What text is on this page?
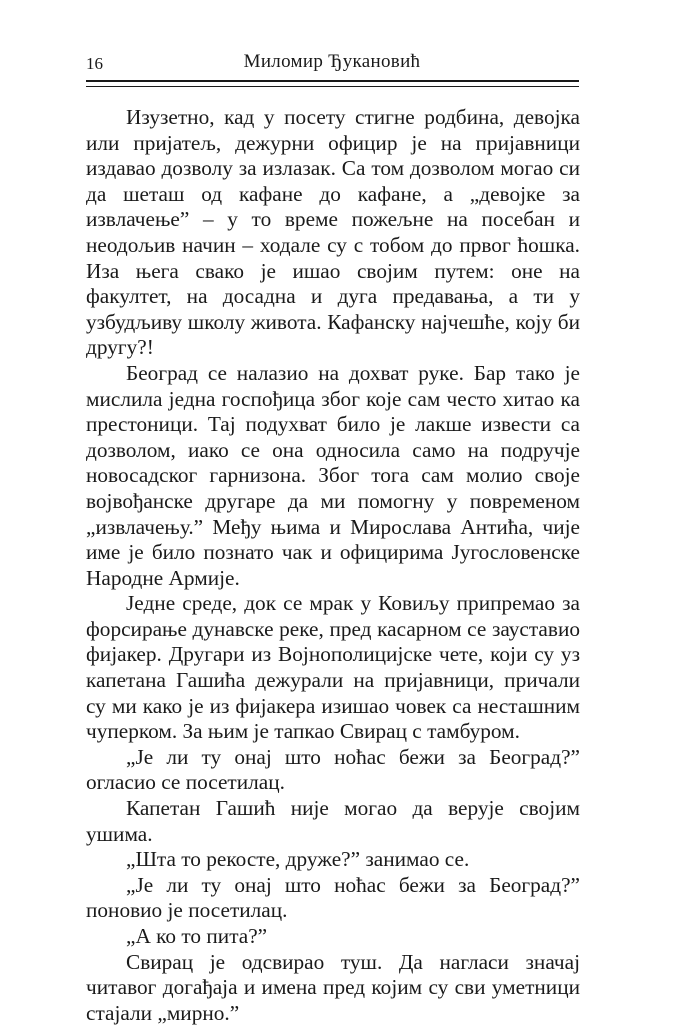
16	Миломир Ђукановић

Изузетно, кад у посету стигне родбина, девојка или пријатељ, дежурни официр је на пријавници издавао дозволу за излазак. Са том дозволом могао си да шеташ од кафане до кафане, а „девојке за извлачење” – у то време пожељне на посебан и неодољив начин – ходале су с тобом до првог ћошка. Иза њега свако је ишао својим путем: оне на факултет, на досадна и дуга предавања, а ти у узбудљиву школу живота. Кафанску најчешће, коју би другу?!

Београд се налазио на дохват руке. Бар тако је мислила једна госпођица због које сам често хитао ка престоници. Тај подухват било је лакше извести са дозволом, иако се она односила само на подручје новосадског гарнизона. Због тога сам молио своје војвођанске другаре да ми помогну у повременом „извлачењу.” Међу њима и Мирослава Антића, чије име је било познато чак и официрима Југословенске Народне Армије.

Једне среде, док се мрак у Ковиљу припремао за форсирање дунавске реке, пред касарном се зауставио фијакер. Другари из Војнополицијске чете, који су уз капетана Гашића дежурали на пријавници, причали су ми како је из фијакера изишао човек са несташним чуперком. За њим је тапкао Свирац с тамбуром.

„Је ли ту онај што ноћас бежи за Београд?” огласио се посетилац.

Капетан Гашић није могао да верује својим ушима.

„Шта то рекосте, друже?” занимао се.

„Је ли ту онај што ноћас бежи за Београд?” поновио је посетилац.

„А ко то пита?”

Свирац је одсвирао туш. Да нагласи значај читавог догађаја и имена пред којим су сви уметници стајали „мирно.”
